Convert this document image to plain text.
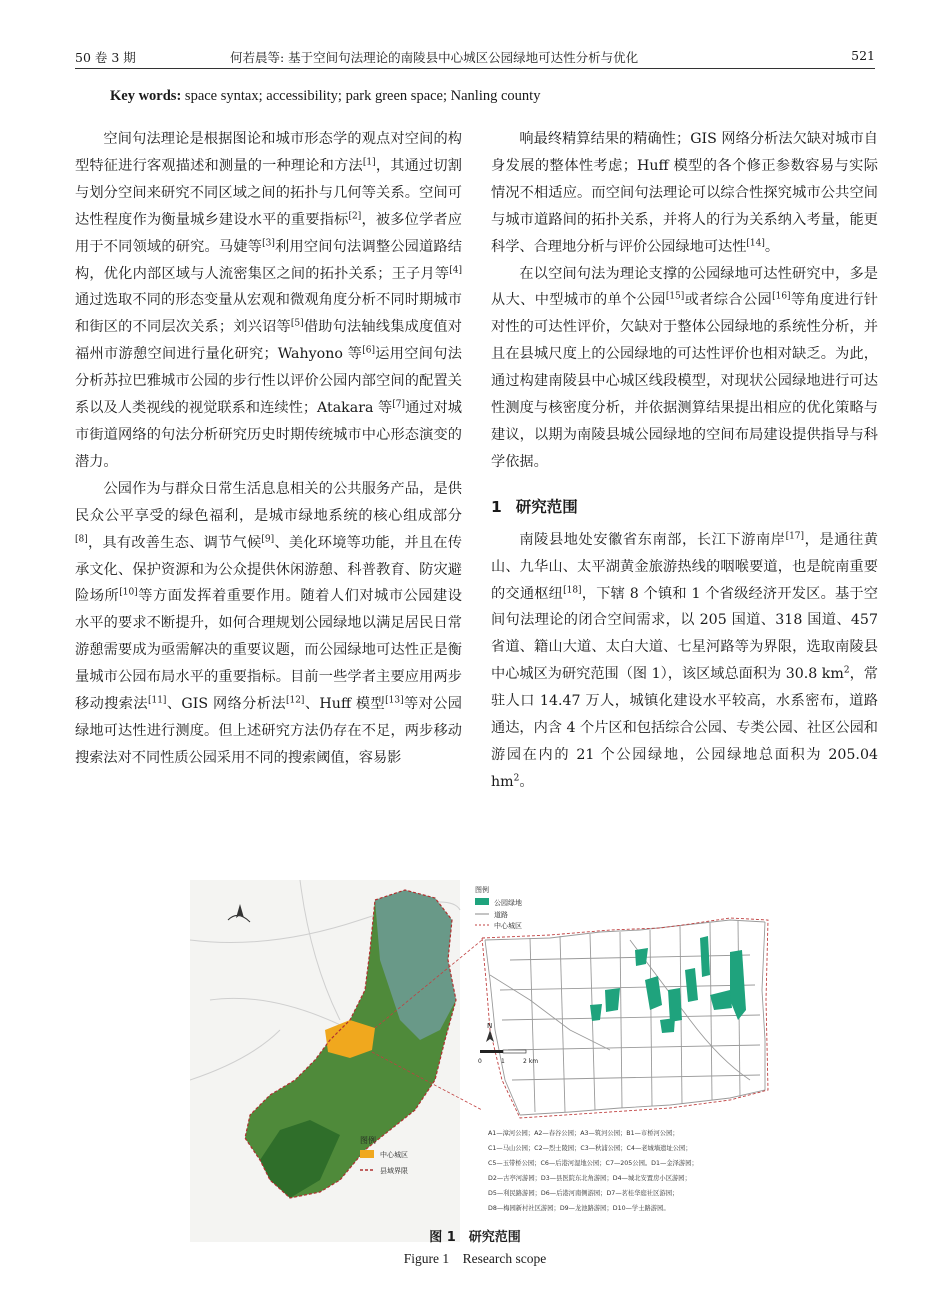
50 卷 3 期	何若晨等: 基于空间句法理论的南陵县中心城区公园绿地可达性分析与优化	521
Key words: space syntax; accessibility; park green space; Nanling county

空间句法理论是根据图论和城市形态学的观点对空间的构型特征进行客观描述和测量的一种理论和方法[1]，其通过切割与划分空间来研究不同区域之间的拓扑与几何等关系。空间可达性程度作为衡量城乡建设水平的重要指标[2]，被多位学者应用于不同领域的研究。马婕等[3]利用空间句法调整公园道路结构，优化内部区域与人流密集区之间的拓扑关系；王子月等[4]通过选取不同的形态变量从宏观和微观角度分析不同时期城市和街区的不同层次关系；刘兴诏等[5]借助句法轴线集成度值对福州市游憩空间进行量化研究；Wahyono 等[6]运用空间句法分析苏拉巴雅城市公园的步行性以评价公园内部空间的配置关系以及人类视线的视觉联系和连续性；Atakara 等[7]通过对城市街道网络的句法分析研究历史时期传统城市中心形态演变的潜力。

公园作为与群众日常生活息息相关的公共服务产品，是供民众公平享受的绿色福利，是城市绿地系统的核心组成部分[8]，具有改善生态、调节气候[9]、美化环境等功能，并且在传承文化、保护资源和为公众提供休闲游憩、科普教育、防灾避险场所[10]等方面发挥着重要作用。随着人们对城市公园建设水平的要求不断提升，如何合理规划公园绿地以满足居民日常游憩需要成为亟需解决的重要议题，而公园绿地可达性正是衡量城市公园布局水平的重要指标。目前一些学者主要应用两步移动搜索法[11]、GIS 网络分析法[12]、Huff 模型[13]等对公园绿地可达性进行测度。但上述研究方法仍存在不足，两步移动搜索法对不同性质公园采用不同的搜索阈值，容易影

响最终精算结果的精确性；GIS 网络分析法欠缺对城市自身发展的整体性考虑；Huff 模型的各个修正参数容易与实际情况不相适应。而空间句法理论可以综合性探究城市公共空间与城市道路间的拓扑关系，并将人的行为关系纳入考量，能更科学、合理地分析与评价公园绿地可达性[14]。

在以空间句法为理论支撑的公园绿地可达性研究中，多是从大、中型城市的单个公园[15]或者综合公园[16]等角度进行针对性的可达性评价，欠缺对于整体公园绿地的系统性分析，并且在县城尺度上的公园绿地的可达性评价也相对缺乏。为此，通过构建南陵县中心城区线段模型，对现状公园绿地进行可达性测度与核密度分析，并依据测算结果提出相应的优化策略与建议，以期为南陵县城公园绿地的空间布局建设提供指导与科学依据。

1 研究范围

南陵县地处安徽省东南部，长江下游南岸[17]，是通往黄山、九华山、太平湖黄金旅游热线的咽喉要道，也是皖南重要的交通枢纽[18]，下辖 8 个镇和 1 个省级经济开发区。基于空间句法理论的闭合空间需求，以 205 国道、318 国道、457 省道、籍山大道、太白大道、七星河路等为界限，选取南陵县中心城区为研究范围（图 1），该区域总面积为 30.8 $km^2$，常驻人口 14.47 万人，城镇化建设水平较高，水系密布，道路通达，内含 4 个片区和包括综合公园、专类公园、社区公园和游园在内的 21 个公园绿地，公园绿地总面积为 205.04 $hm^2$。

图例
中心城区
县域界限
图例
公园绿地
道路
中心城区
N
0	1	2 km
A1—漳河公园；A2—春谷公园；A3—筑河公园；B1—市桥河公园；
C1—马山公园；C2—烈士陵园；C3—秋浦公园；C4—老城墙遗址公园；
C5—玉带桥公园；C6—后港河湿地公园；C7—205公园。D1—金泽游园；
D2—古亭河游园；D3—县医院东北角游园；D4—城北安置房小区游园；
D5—利民路游园；D6—后港河南侧游园；D7—茗桂华庭社区游园；
D8—梅园新村社区游园；D9—龙池路游园；D10—学士路游园。
图 1　研究范围
Figure 1　Research scope
